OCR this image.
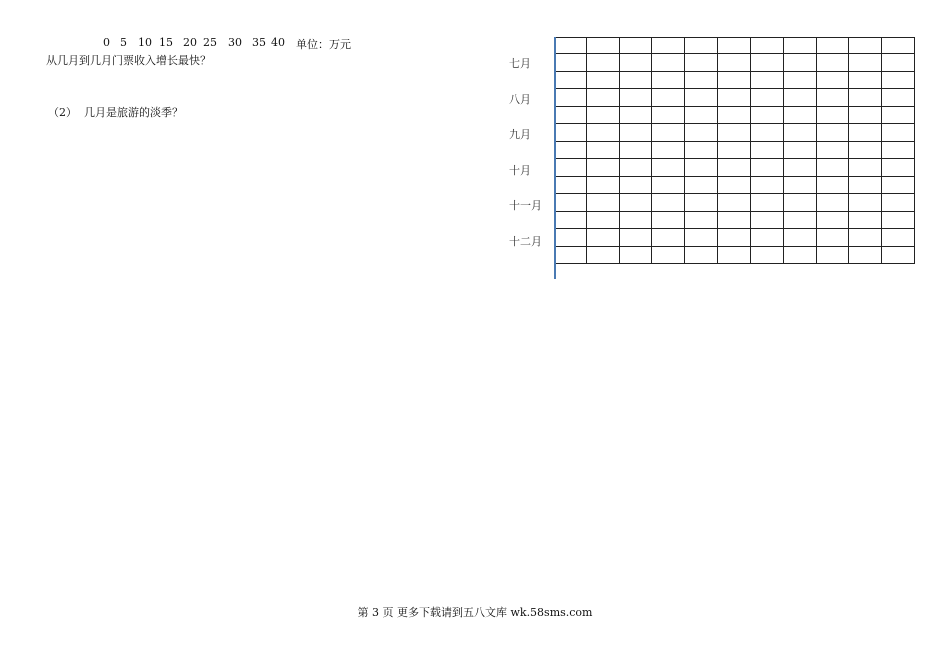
0 5 10 15 20 25 30 35 40 单位：万元
从几月到几月门票收入增长最快？
（2） 几月是旅游的淡季？
七月
八月
九月
十月
十一月
十二月
第 3 页 更多下载请到五八文库 wk.58sms.com
